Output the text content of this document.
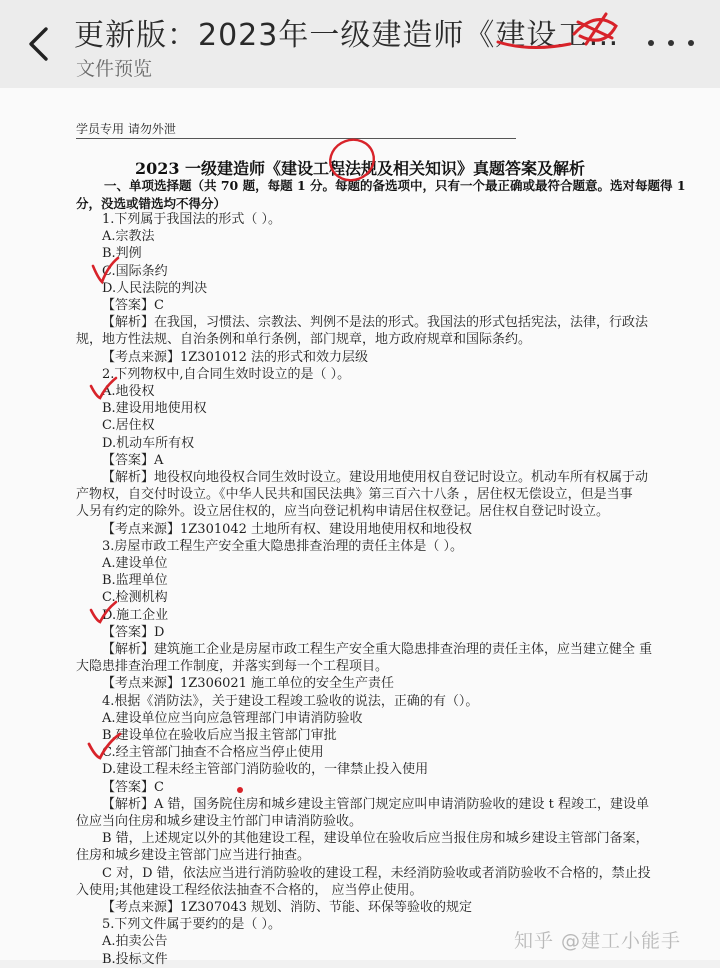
更新版：2023年一级建造师《建设工…
文件预览
学员专用 请勿外泄
2023 一级建造师《建设工程法规及相关知识》真题答案及解析
一、单项选择题（共 70 题，每题 1 分。每题的备选项中，只有一个最正确或最符合题意。选对每题得 1 分，没选或错选均不得分）
1.下列属于我国法的形式（ ）。
A.宗教法
B.判例
C.国际条约
D.人民法院的判决
【答案】C
【解析】在我国，习惯法、宗教法、判例不是法的形式。我国法的形式包括宪法，法律，行政法
规，地方性法规、自治条例和单行条例，部门规章，地方政府规章和国际条约。
【考点来源】1Z301012 法的形式和效力层级
2.下列物权中,自合同生效时设立的是（ ）。
A.地役权
B.建设用地使用权
C.居住权
D.机动车所有权
【答案】A
【解析】地役权向地役权合同生效时设立。建设用地使用权自登记时设立。机动车所有权属于动
产物权，自交付时设立。《中华人民共和国民法典》第三百六十八条 ，居住权无偿设立，但是当事
人另有约定的除外。设立居住权的，应当向登记机构申请居住权登记。居住权自登记时设立。
【考点来源】1Z301042 土地所有权、建设用地使用权和地役权
3.房屋市政工程生产安全重大隐患排查治理的责任主体是（ ）。
A.建设单位
B.监理单位
C.检测机构
D.施工企业
【答案】D
【解析】建筑施工企业是房屋市政工程生产安全重大隐患排查治理的责任主体，应当建立健全 重
大隐患排查治理工作制度，并落实到每一个工程项目。
【考点来源】1Z306021 施工单位的安全生产责任
4.根据《消防法》，关于建设工程竣工验收的说法，正确的有（）。
A.建设单位应当向应急管理部门申请消防验收
B.建设单位在验收后应当报主管部门审批
C.经主管部门抽查不合格应当停止使用
D.建设工程未经主管部门消防验收的，一律禁止投入使用
【答案】C
【解析】A 错，国务院住房和城乡建设主管部门规定应叫申请消防验收的建设 t 程竣工，建设单
位应当向住房和城乡建设主竹部门申请消防验收。
B 错，上述规定以外的其他建设工程，建设单位在验收后应当报住房和城乡建设主管部门备案，
住房和城乡建设主管部门应当进行抽查。
C 对，D 错，依法应当进行消防验收的建设工程，未经消防验收或者消防验收不合格的，禁止投
入使用;其他建设工程经依法抽查不合格的， 应当停止使用。
【考点来源】1Z307043 规划、消防、节能、环保等验收的规定
5.下列文件属于要约的是（ ）。
A.拍卖公告
B.投标文件
知乎 @建工小能手
